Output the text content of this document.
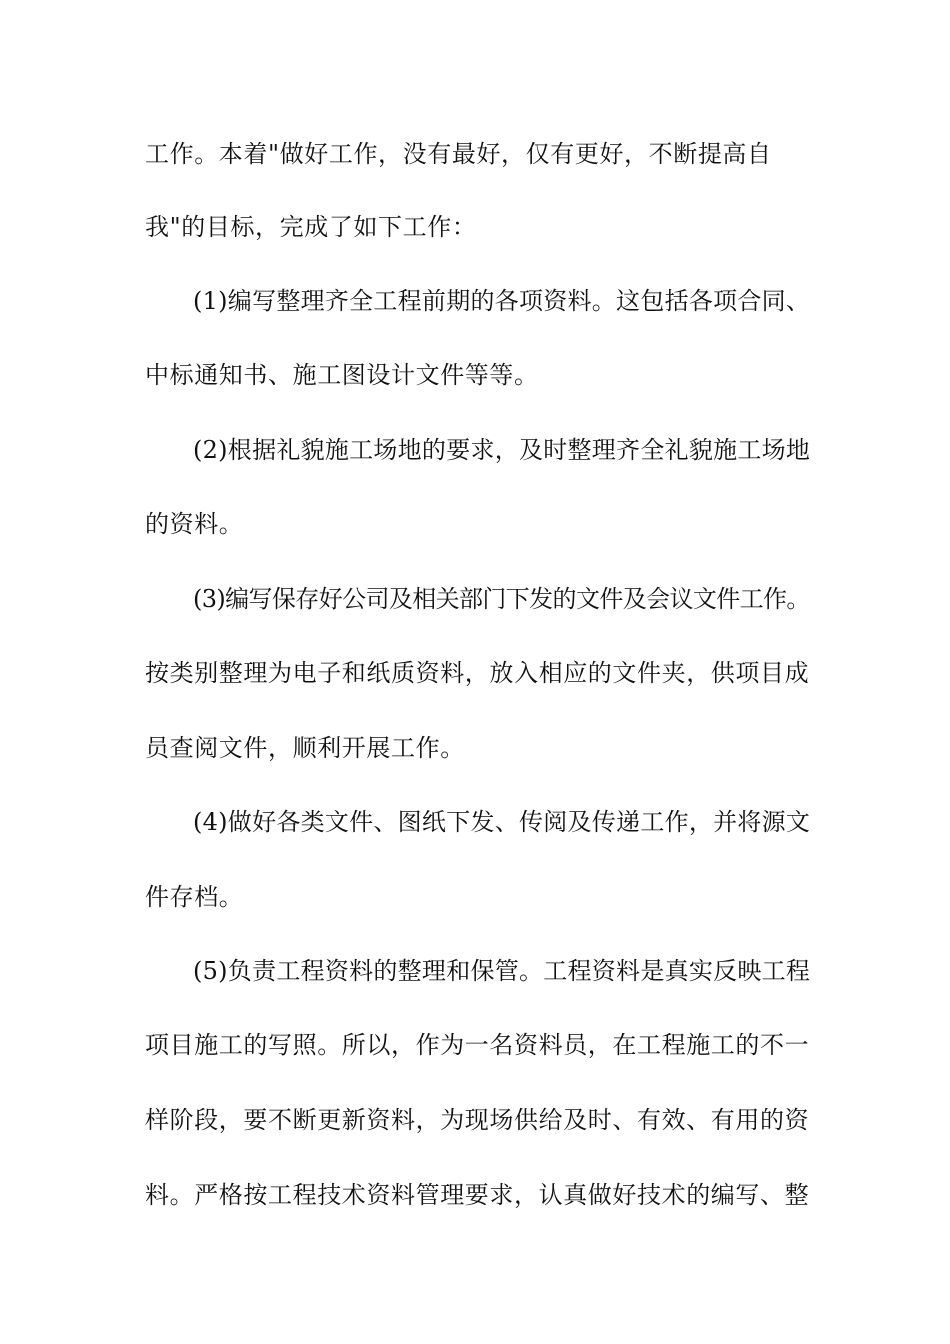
工作。本着"做好工作，没有最好，仅有更好，不断提高自
我"的目标，完成了如下工作：
(1)编写整理齐全工程前期的各项资料。这包括各项合同、
中标通知书、施工图设计文件等等。
(2)根据礼貌施工场地的要求，及时整理齐全礼貌施工场地
的资料。
(3)编写保存好公司及相关部门下发的文件及会议文件工作。
按类别整理为电子和纸质资料，放入相应的文件夹，供项目成
员查阅文件，顺利开展工作。
(4)做好各类文件、图纸下发、传阅及传递工作，并将源文
件存档。
(5)负责工程资料的整理和保管。工程资料是真实反映工程
项目施工的写照。所以，作为一名资料员，在工程施工的不一
样阶段，要不断更新资料，为现场供给及时、有效、有用的资
料。严格按工程技术资料管理要求，认真做好技术的编写、整
